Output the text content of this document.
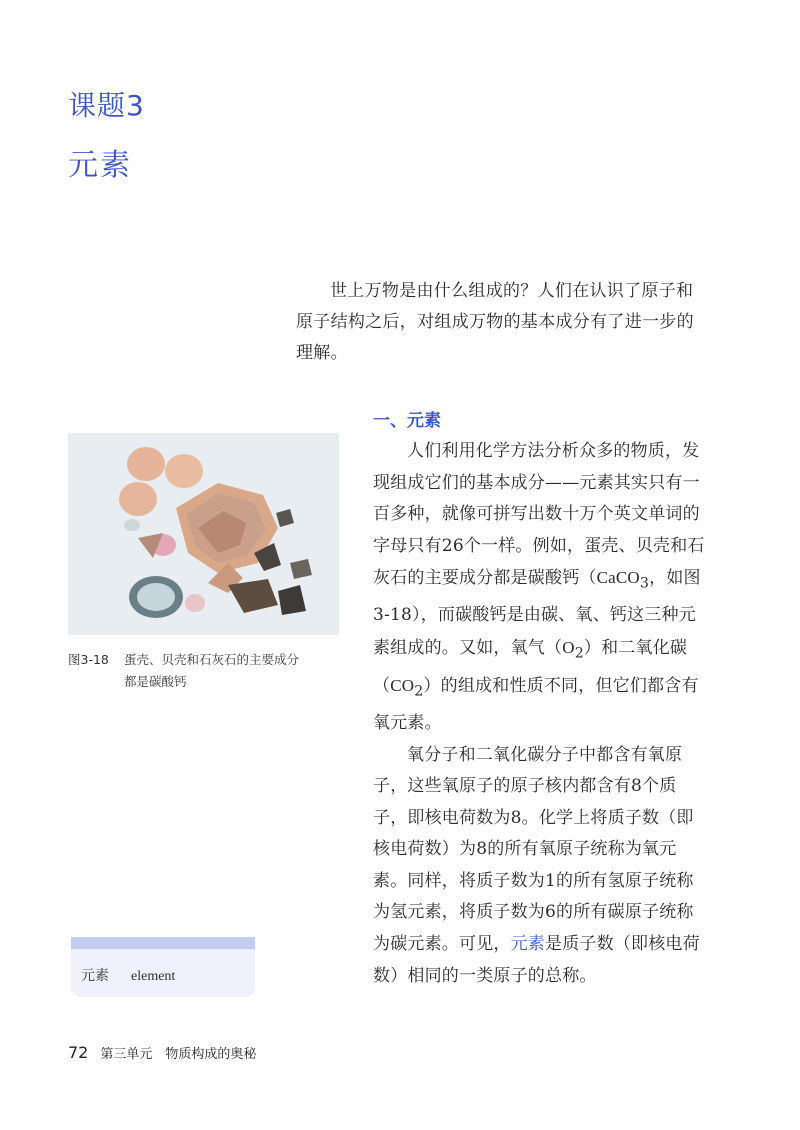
课题3
元素

世上万物是由什么组成的？人们在认识了原子和原子结构之后，对组成万物的基本成分有了进一步的理解。

一、元素

人们利用化学方法分析众多的物质，发现组成它们的基本成分——元素其实只有一百多种，就像可拼写出数十万个英文单词的字母只有26个一样。例如，蛋壳、贝壳和石灰石的主要成分都是碳酸钙（CaCO$_3$，如图3-18），而碳酸钙是由碳、氧、钙这三种元素组成的。又如，氧气$(O_2)$和二氧化碳$(CO_2)$的组成和性质不同，但它们都含有氧元素。

氧分子和二氧化碳分子中都含有氧原子，这些氧原子的原子核内都含有8个质子，即核电荷数为8。化学上将质子数（即核电荷数）为8的所有氧原子统称为氧元素。同样，将质子数为1的所有氢原子统称为氢元素，将质子数为6的所有碳原子统称为碳元素。可见，元素是质子数（即核电荷数）相同的一类原子的总称。

图3-18 蛋壳、贝壳和石灰石的主要成分
都是碳酸钙
元素 element
72 第三单元　物质构成的奥秘
